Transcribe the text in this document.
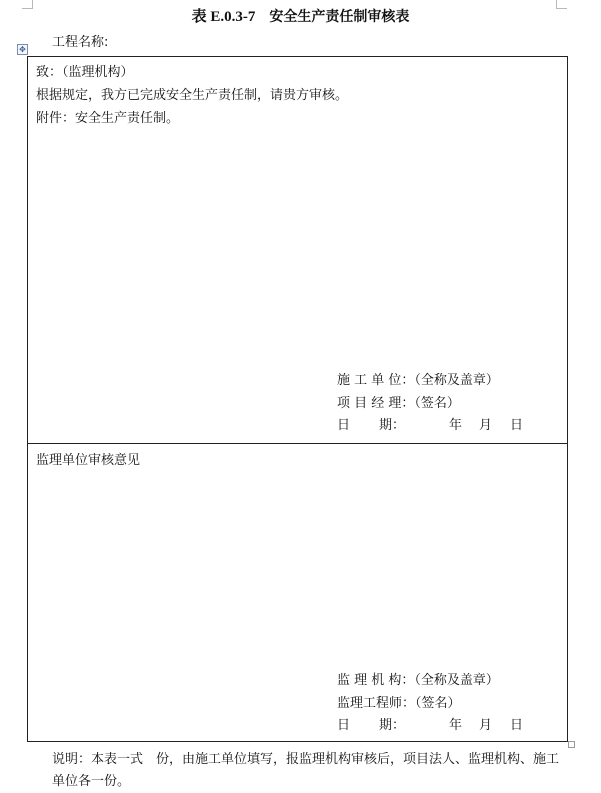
表 E.0.3-7 安全生产责任制审核表
工程名称:
✥
致：（监理机构）
根据规定，我方已完成安全生产责任制，请贵方审核。
附件：安全生产责任制。
施 工 单 位：（全称及盖章）
项 目 经 理：（签名）
日 期：	年 月 日
监理单位审核意见
监 理 机 构：（全称及盖章）
监理工程师：（签名）
日 期：	年 月 日
说明：本表一式　份，由施工单位填写，报监理机构审核后，项目法人、监理机构、施工单位各一份。
